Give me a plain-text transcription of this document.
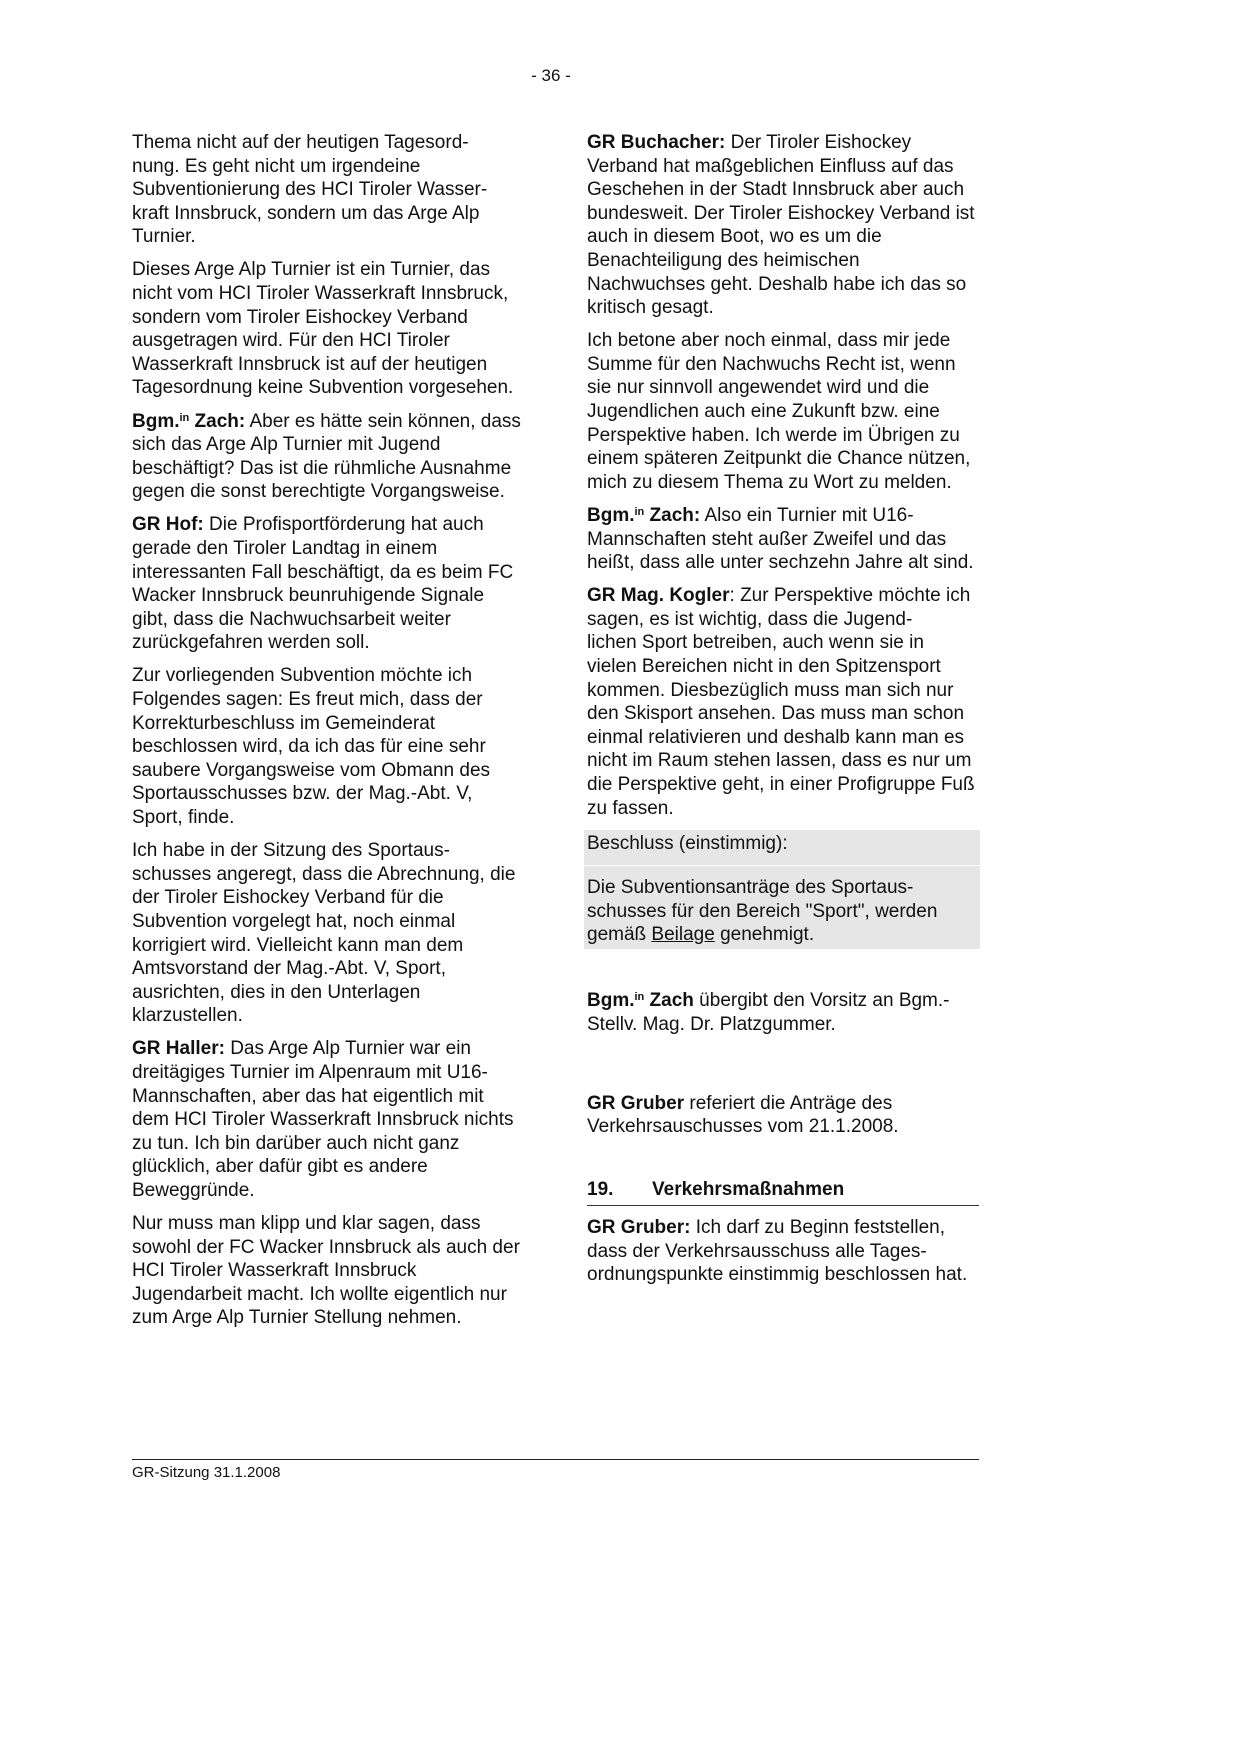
- 36 -

Thema nicht auf der heutigen Tagesord-
nung. Es geht nicht um irgendeine Subventionierung des HCI Tiroler Wasser-
kraft Innsbruck, sondern um das Arge Alp Turnier.

Dieses Arge Alp Turnier ist ein Turnier, das nicht vom HCI Tiroler Wasserkraft Innsbruck, sondern vom Tiroler Eishockey Verband ausgetragen wird. Für den HCI Tiroler Wasserkraft Innsbruck ist auf der heutigen Tagesordnung keine Subvention vorgesehen.

Bgm.$^{in}$ Zach: Aber es hätte sein können, dass sich das Arge Alp Turnier mit Jugend beschäftigt? Das ist die rühmliche Ausnahme gegen die sonst berechtigte Vorgangsweise.

GR Hof: Die Profisportförderung hat auch gerade den Tiroler Landtag in einem interessanten Fall beschäftigt, da es beim FC Wacker Innsbruck beunruhigende Signale gibt, dass die Nachwuchsarbeit weiter zurückgefahren werden soll.

Zur vorliegenden Subvention möchte ich Folgendes sagen: Es freut mich, dass der Korrekturbeschluss im Gemeinderat beschlossen wird, da ich das für eine sehr saubere Vorgangsweise vom Obmann des Sportausschusses bzw. der Mag.-Abt. V, Sport, finde.

Ich habe in der Sitzung des Sportaus-
schusses angeregt, dass die Abrechnung, die der Tiroler Eishockey Verband für die Subvention vorgelegt hat, noch einmal korrigiert wird. Vielleicht kann man dem Amtsvorstand der Mag.-Abt. V, Sport, ausrichten, dies in den Unterlagen klarzustellen.

GR Haller: Das Arge Alp Turnier war ein dreitägiges Turnier im Alpenraum mit U16-
Mannschaften, aber das hat eigentlich mit dem HCI Tiroler Wasserkraft Innsbruck nichts zu tun. Ich bin darüber auch nicht ganz glücklich, aber dafür gibt es andere Beweggründe.

Nur muss man klipp und klar sagen, dass sowohl der FC Wacker Innsbruck als auch der HCI Tiroler Wasserkraft Innsbruck Jugendarbeit macht. Ich wollte eigentlich nur zum Arge Alp Turnier Stellung nehmen.

GR Buchacher: Der Tiroler Eishockey Verband hat maßgeblichen Einfluss auf das Geschehen in der Stadt Innsbruck aber auch bundesweit. Der Tiroler Eishockey Verband ist auch in diesem Boot, wo es um die Benachteiligung des heimischen Nachwuchses geht. Deshalb habe ich das so kritisch gesagt.

Ich betone aber noch einmal, dass mir jede Summe für den Nachwuchs Recht ist, wenn sie nur sinnvoll angewendet wird und die Jugendlichen auch eine Zukunft bzw. eine Perspektive haben. Ich werde im Übrigen zu einem späteren Zeitpunkt die Chance nützen, mich zu diesem Thema zu Wort zu melden.

Bgm.$^{in}$ Zach: Also ein Turnier mit U16-
Mannschaften steht außer Zweifel und das heißt, dass alle unter sechzehn Jahre alt sind.

GR Mag. Kogler: Zur Perspektive möchte ich sagen, es ist wichtig, dass die Jugend-
lichen Sport betreiben, auch wenn sie in vielen Bereichen nicht in den Spitzensport kommen. Diesbezüglich muss man sich nur den Skisport ansehen. Das muss man schon einmal relativieren und deshalb kann man es nicht im Raum stehen lassen, dass es nur um die Perspektive geht, in einer Profigruppe Fuß zu fassen.

Beschluss (einstimmig):

Die Subventionsanträge des Sportaus-
schusses für den Bereich "Sport", werden gemäß Beilage genehmigt.

Bgm.$^{in}$ Zach übergibt den Vorsitz an Bgm.-Stellv. Mag. Dr. Platzgummer.

GR Gruber referiert die Anträge des Verkehrsauschusses vom 21.1.2008.

19. Verkehrsmaßnahmen

GR Gruber: Ich darf zu Beginn feststellen, dass der Verkehrsausschuss alle Tages-
ordnungspunkte einstimmig beschlossen hat.

GR-Sitzung 31.1.2008
